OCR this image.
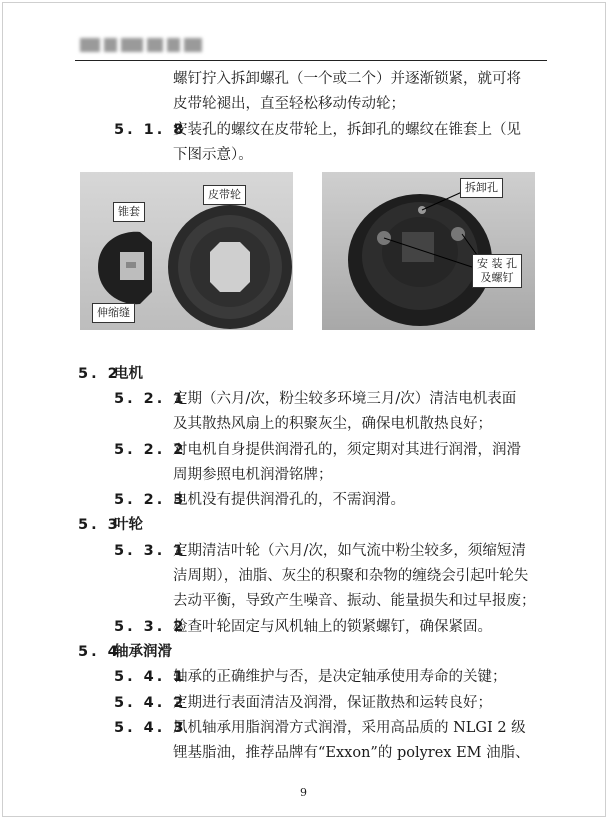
螺钉拧入拆卸螺孔（一个或二个）并逐渐锁紧，就可将
皮带轮褪出，直至轻松移动传动轮；
5. 1. 8
安装孔的螺纹在皮带轮上，拆卸孔的螺纹在锥套上（见
下图示意）。
锥套
皮带轮
伸缩缝
拆卸孔
安 装 孔
及螺钉
5. 2
电机
5. 2. 1
定期（六月/次，粉尘较多环境三月/次）清洁电机表面
及其散热风扇上的积聚灰尘，确保电机散热良好；
5. 2. 2
对电机自身提供润滑孔的，须定期对其进行润滑，润滑
周期参照电机润滑铭牌；
5. 2. 3
电机没有提供润滑孔的，不需润滑。
5. 3
叶轮
5. 3. 1
定期清洁叶轮（六月/次，如气流中粉尘较多，须缩短清
洁周期），油脂、灰尘的积聚和杂物的缠绕会引起叶轮失
去动平衡，导致产生噪音、振动、能量损失和过早报废；
5. 3. 2
检查叶轮固定与风机轴上的锁紧螺钉，确保紧固。
5. 4
轴承润滑
5. 4. 1
轴承的正确维护与否，是决定轴承使用寿命的关键；
5. 4. 2
定期进行表面清洁及润滑，保证散热和运转良好；
5. 4. 3
风机轴承用脂润滑方式润滑，采用高品质的 NLGI 2 级
锂基脂油，推荐品牌有“Exxon”的 polyrex EM 油脂、
9
